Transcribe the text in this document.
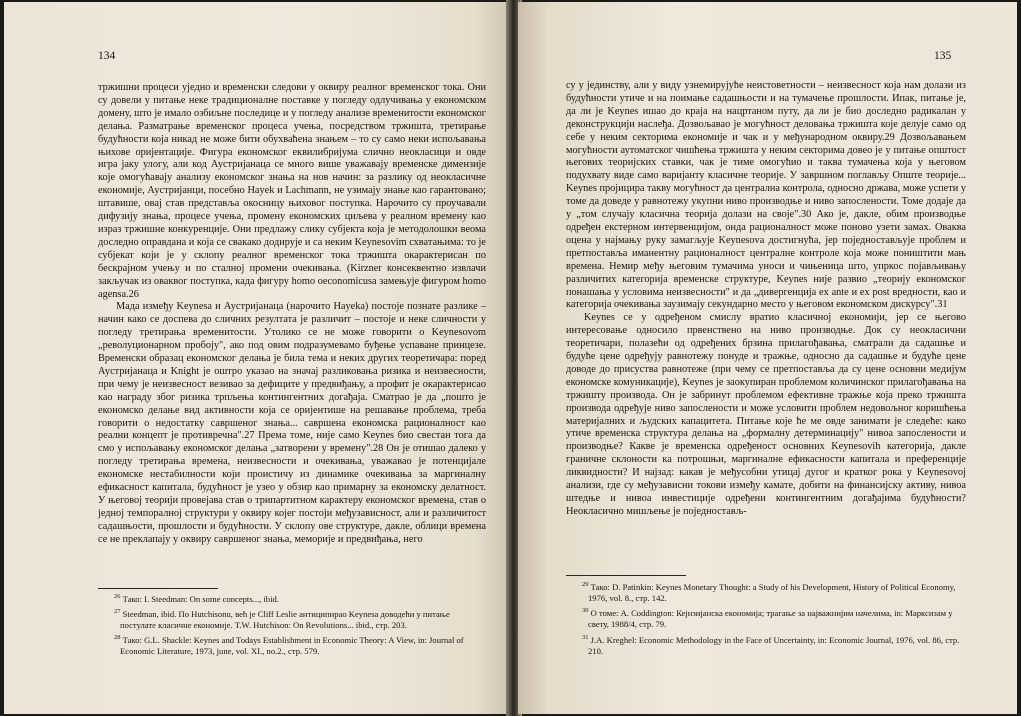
134

тржишни процеси уједно и временски следови у оквиру реалног временског тока. Они су довели у питање неке традиционалне поставке у погледу одлучивања у економском домену, што је имало озбиљне последице и у погледу анализе временитости економског делања. Разматрање временског процеса учења, посредством тржишта, третирање будућности која никад не може бити обухваћена знањем – то су само неки испољавања њихове оријентације. Фигура економског еквилибријума слично неокласици и овде игра јаку улогу, али код Аустријанаца се много више уважавају временске димензије које омогућавају анализу економског знања на нов начин: за разлику од неокласичне економије, Аустријанци, посебно Hayek и Lachmann, не узимају знање као гарантовано; штавише, овај став представља окосницу њиховог поступка. Нарочито су проучавали дифузију знања, процесе учења, промену економских циљева у реалном времену као израз тржишне конкуренције. Они предлажу слику субјекта која је методолошки веома доследно оправдана и која се свакако додирује и са неким Keynesovim схватањима: то је субјекат који је у склопу реалног временског тока тржишта окарактерисан по бескрајном учењу и по сталној промени очекивања. (Kirzner консеквентно извлачи закључак из оваквог поступка, када фигуру homo oeconomicusa замењује фигуром homo agensa.26

Мада између Keynesa и Аустријанаца (нарочито Hayeka) постоје познате разлике – начин како се доспева до сличних резултата је различит – постоје и неке сличности у погледу третирања временитости. Утолико се не може говорити о Keynesovom „револуционарном пробоју", ако под овим подразумевамо буђење успаване принцезе. Временски образац економског делања је била тема и неких других теоретичара: поред Аустријанаца и Knight је оштро указао на значај разликовања ризика и неизвесности, при чему је неизвесност везивао за дефиците у предвиђању, а профит је окарактерисао као награду због ризика трпљења контингентних догађаја. Сматрао је да „пошто је економско делање вид активности која се оријентише на решавање проблема, треба говорити о недостатку савршеног знања... савршена економска рационалност као реални концепт је противречна".27 Према томе, није само Keynes био свестан тога да смо у испољавању економског делања „затворени у времену".28 Он је отишао далеко у погледу третирања времена, неизвесности и очекивања, уважавао је потенцијале економске нестабилности који проистичу из динамике очекивања за маргиналну ефикасност капитала, будућност је узео у обзир као примарну за економску делатност. У његовој теорији провејава став о трипартитном карактеру економског времена, став о једној темпоралној структури у оквиру којег постоји међузависност, али и различитост садашњости, прошлости и будућности. У склопу ове структуре, дакле, облици времена се не преклапају у оквиру савршеног знања, меморије и предвиђања, него

$^{26}$ Тако: I. Steedman: On some concepts..., ibid.
$^{27}$ Steedman, ibid. По Hutchisonu, већ је Cliff Leslie антиципирао Keynesa доводећи у питање постулате класичне економије. T.W. Hutchison: On Revolutions... ibid., стр. 203.
$^{28}$ Тако: G.L. Shackle: Keynes and Todays Establishment in Economic Theory: A View, in: Journal of Economic Literature, 1973, june, vol. XI., no.2., стр. 579.
135

су у јединству, али у виду узнемирујуће неистоветности – неизвесност која нам долази из будућности утиче и на поимање садашњости и на тумачење прошлости. Ипак, питање је, да ли је Keynes ишао до краја на нацртаном путу, да ли је био доследно радикалан у деконструкцији наслеђа. Дозвољавао је могућност деловања тржишта које делује само од себе у неким секторима економије и чак и у међународном оквиру.29 Дозвољавањем могућности аутоматског чишћења тржишта у неким секторима довео је у питање општост његових теоријских ставки, чак је тиме омогућио и таква тумачења која у његовом подухвату виде само варијанту класичне теорије. У завршном поглављу Опште теорије... Keynes пројицира такву могућност да централна контрола, односно држава, може успети у томе да доведе у равнотежу укупни ниво производње и ниво запослености. Томе додаје да у „том случају класична теорија долази на своје".30 Ако је, дакле, обим производње одређен екстерном интервенцијом, онда рационалност може поново узети замах. Оваква оцена у најмању руку замагљује Keynesova достигнућа, јер поједностављује проблем и претпоставља иманентну рационалност централне контроле која може поништити мањ времена. Немир међу његовим тумачима уноси и чињеница што, упркос појављивању различитих категорија временске структуре, Keynes није развио „теорију економског понашања у условима неизвесности" и да „дивергенција ex ante и ex post вредности, као и категорија очекивања заузимају секундарно место у његовом економском дискурсу".31

Keynes се у одређеном смислу вратио класичној економији, јер се његово интересовање односило првенствено на ниво производње. Док су неокласични теоретичари, полазећи од одређених брзина прилагођавања, сматрали да садашње и будуће цене одређују равнотежу понуде и тражње, односно да садашње и будуће цене доводе до присуства равнотеже (при чему се претпоставља да су цене основни медијум економске комуникације), Keynes је заокупиран проблемом количинског прилагођавања на тржишту производа. Он је забринут проблемом ефективне тражње која преко тржишта производа одређује ниво запослености и може условити проблем недовољног коришћења материјалних и људских капацитета. Питање које ће ме овде занимати је следеће: како утиче временска структура делања на „формалну детерминацију" нивоа запослености и производње? Какве је временска одређеност основних Keynesovih категорија, дакле граничне склоности ка потрошњи, маргиналне ефикасности капитала и преференције ликвидности? И најзад: какав је међусобни утицај дугог и кратког рока у Keynesovoj анализи, где су међузависни токови између камате, добити на финансијску активу, нивоа штедње и нивоа инвестиције одређени контингентним догађајима будућности? Неокласично мишљење је поједностављ-

$^{29}$ Тако: D. Patinkin: Keynes Monetary Thought: a Study of his Development, History of Political Economy, 1976, vol. 8., стр. 142.
$^{30}$ О томе: A. Coddington: Кејнзијанска економија; трагање за најважнијим начелима, in: Марксизам у свету, 1988/4, стр. 79.
$^{31}$ J.A. Kreghel: Economic Methodology in the Face of Uncertainty, in: Economic Journal, 1976, vol. 86, стр. 210.
